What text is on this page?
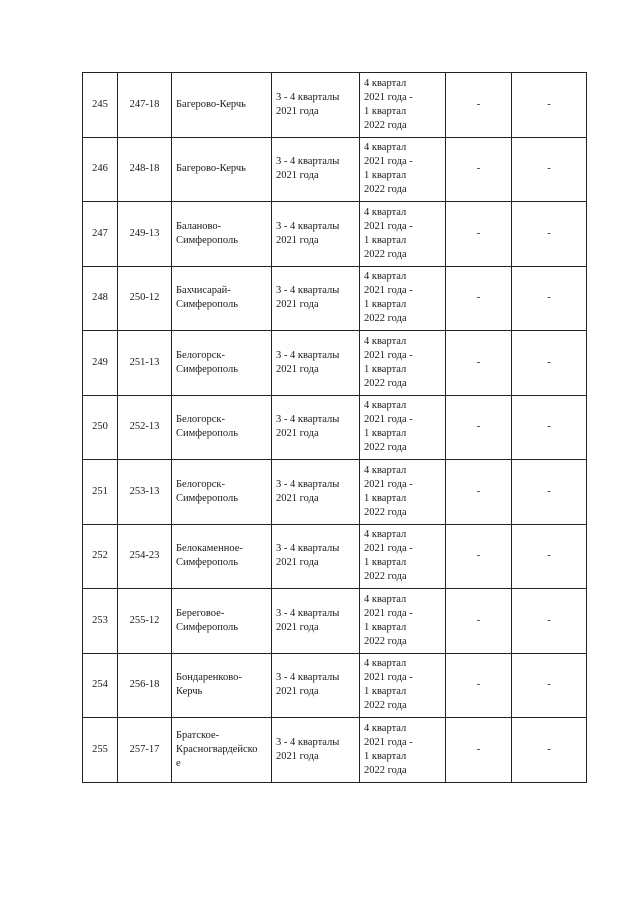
245	247-18	Багерово-Керчь	3 - 4 кварталы
2021 года	4 квартал
2021 года -
1 квартал
2022 года	-	-
246	248-18	Багерово-Керчь	3 - 4 кварталы
2021 года	4 квартал
2021 года -
1 квартал
2022 года	-	-
247	249-13	Баланово-
Симферополь	3 - 4 кварталы
2021 года	4 квартал
2021 года -
1 квартал
2022 года	-	-
248	250-12	Бахчисарай-
Симферополь	3 - 4 кварталы
2021 года	4 квартал
2021 года -
1 квартал
2022 года	-	-
249	251-13	Белогорск-
Симферополь	3 - 4 кварталы
2021 года	4 квартал
2021 года -
1 квартал
2022 года	-	-
250	252-13	Белогорск-
Симферополь	3 - 4 кварталы
2021 года	4 квартал
2021 года -
1 квартал
2022 года	-	-
251	253-13	Белогорск-
Симферополь	3 - 4 кварталы
2021 года	4 квартал
2021 года -
1 квартал
2022 года	-	-
252	254-23	Белокаменное-
Симферополь	3 - 4 кварталы
2021 года	4 квартал
2021 года -
1 квартал
2022 года	-	-
253	255-12	Береговое-
Симферополь	3 - 4 кварталы
2021 года	4 квартал
2021 года -
1 квартал
2022 года	-	-
254	256-18	Бондаренково-
Керчь	3 - 4 кварталы
2021 года	4 квартал
2021 года -
1 квартал
2022 года	-	-
255	257-17	Братское-
Красногвардейско
е	3 - 4 кварталы
2021 года	4 квартал
2021 года -
1 квартал
2022 года	-	-
